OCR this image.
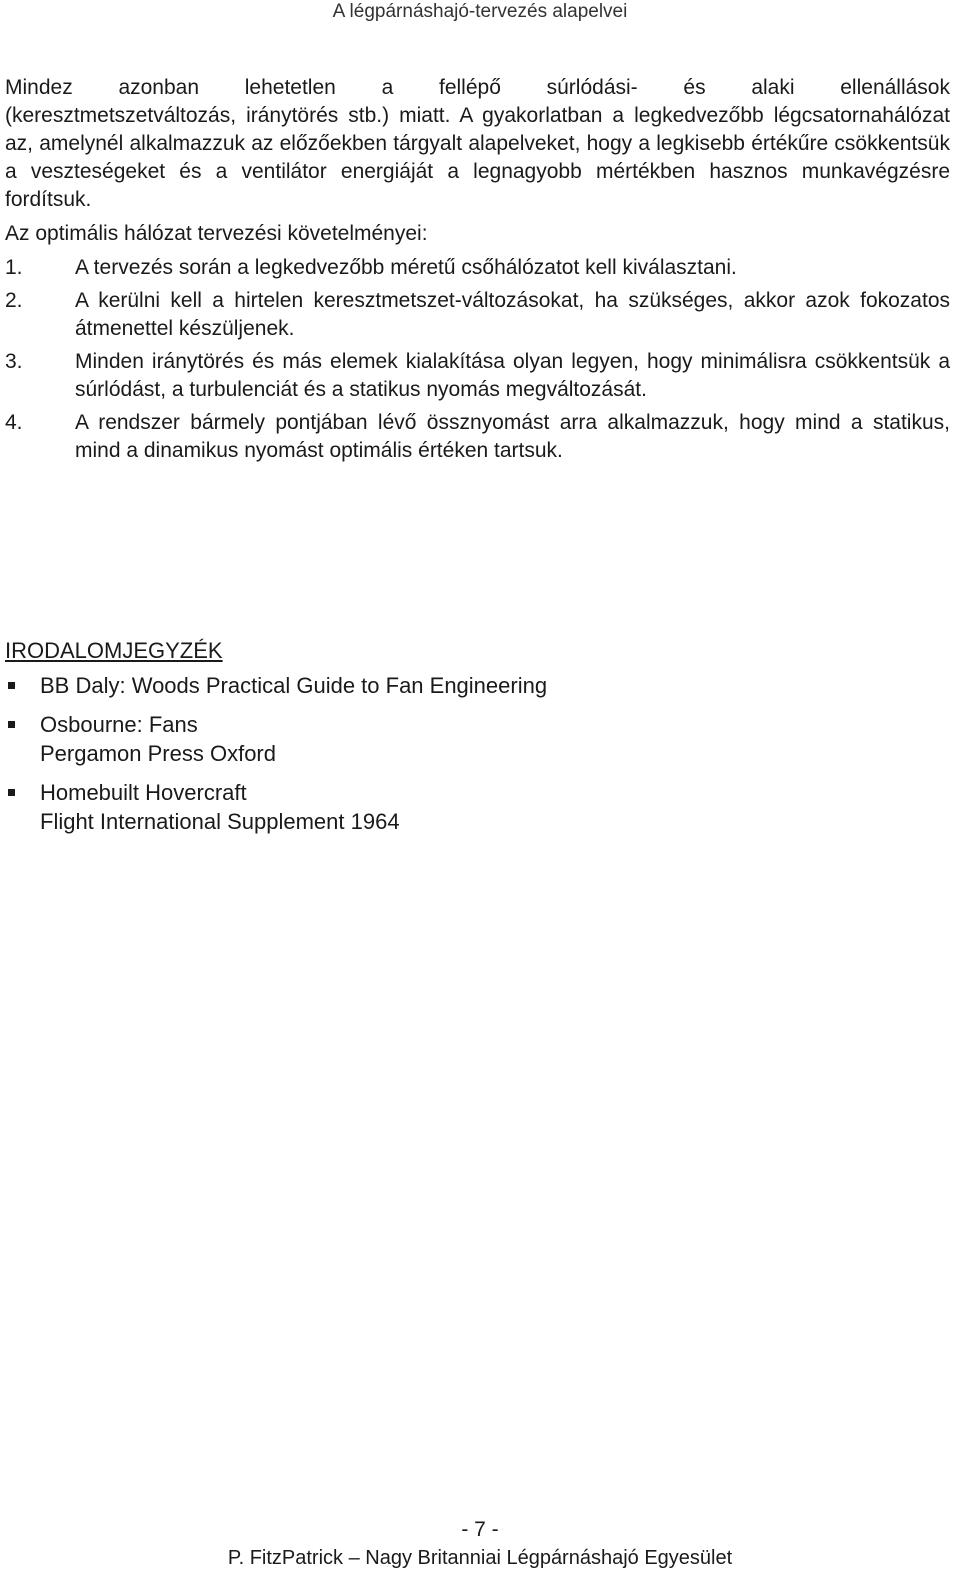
A légpárnáshajó-tervezés alapelvei

Mindez azonban lehetetlen a fellépő súrlódási- és alaki ellenállások
(keresztmetszetváltozás, iránytörés stb.) miatt. A gyakorlatban a legkedvezőbb légcsatornahálózat az, amelynél alkalmazzuk az előzőekben tárgyalt alapelveket, hogy a legkisebb értékűre csökkentsük a veszteségeket és a ventilátor energiáját a legnagyobb mértékben hasznos munkavégzésre fordítsuk.

Az optimális hálózat tervezési követelményei:

1. A tervezés során a legkedvezőbb méretű csőhálózatot kell kiválasztani.
2. A kerülni kell a hirtelen keresztmetszet-változásokat, ha szükséges, akkor azok fokozatos átmenettel készüljenek.
3. Minden iránytörés és más elemek kialakítása olyan legyen, hogy minimálisra csökkentsük a súrlódást, a turbulenciát és a statikus nyomás megváltozását.
4. A rendszer bármely pontjában lévő össznyomást arra alkalmazzuk, hogy mind a statikus, mind a dinamikus nyomást optimális értéken tartsuk.
IRODALOMJEGYZÉK
BB Daly: Woods Practical Guide to Fan Engineering
Osbourne: Fans
Pergamon Press Oxford
Homebuilt Hovercraft
Flight International Supplement 1964
- 7 -
P. FitzPatrick – Nagy Britanniai Légpárnáshajó Egyesület
